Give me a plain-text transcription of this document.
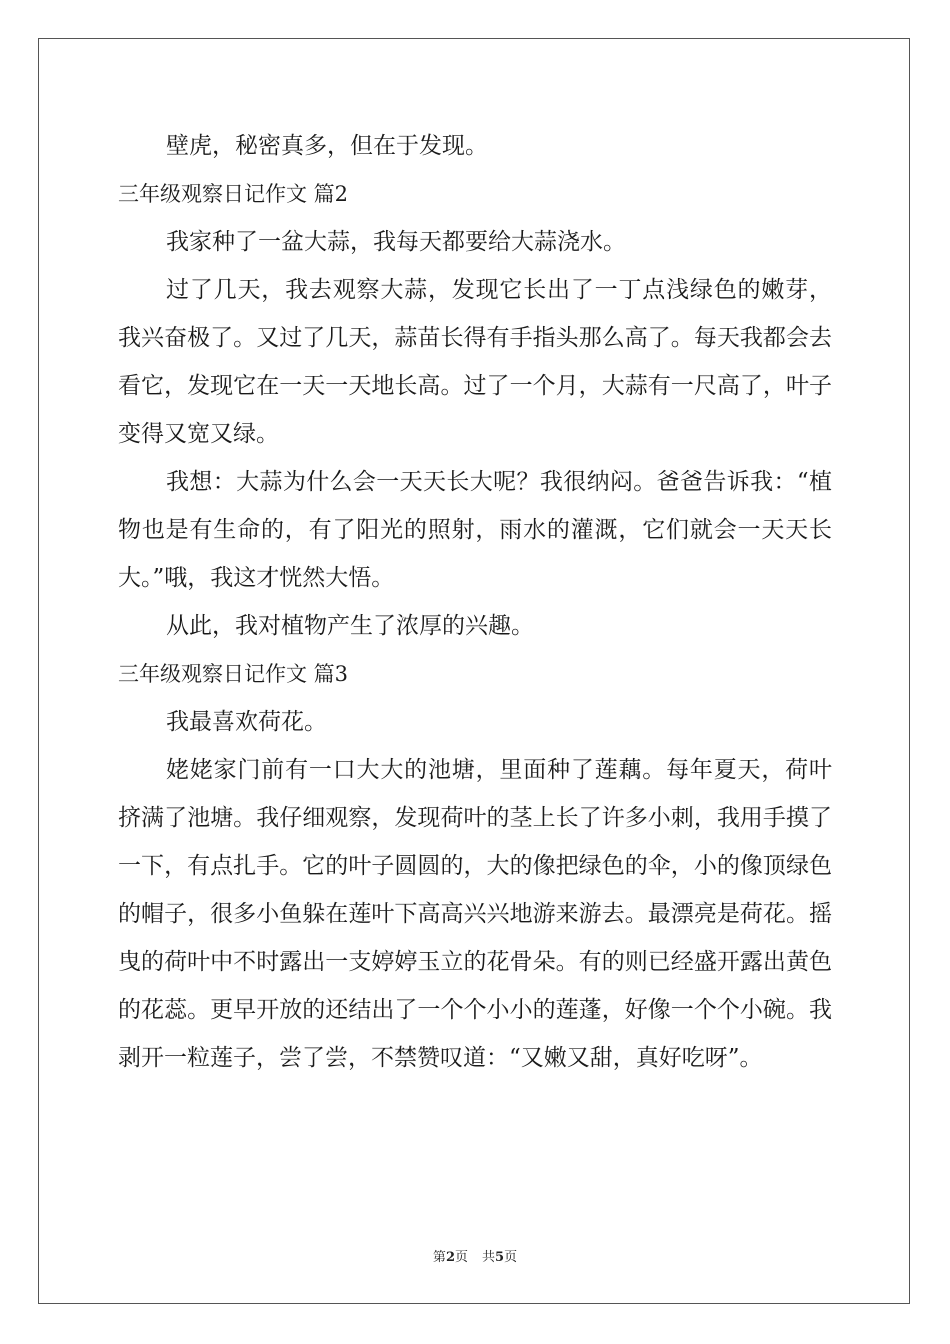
壁虎，秘密真多，但在于发现。

三年级观察日记作文 篇2

我家种了一盆大蒜，我每天都要给大蒜浇水。

过了几天，我去观察大蒜，发现它长出了一丁点浅绿色的嫩芽，我兴奋极了。又过了几天，蒜苗长得有手指头那么高了。每天我都会去看它，发现它在一天一天地长高。过了一个月，大蒜有一尺高了，叶子变得又宽又绿。

我想：大蒜为什么会一天天长大呢？我很纳闷。爸爸告诉我：“植物也是有生命的，有了阳光的照射，雨水的灌溉，它们就会一天天长大。”哦，我这才恍然大悟。

从此，我对植物产生了浓厚的兴趣。

三年级观察日记作文 篇3

我最喜欢荷花。

姥姥家门前有一口大大的池塘，里面种了莲藕。每年夏天，荷叶挤满了池塘。我仔细观察，发现荷叶的茎上长了许多小刺，我用手摸了一下，有点扎手。它的叶子圆圆的，大的像把绿色的伞，小的像顶绿色的帽子，很多小鱼躲在莲叶下高高兴兴地游来游去。最漂亮是荷花。摇曳的荷叶中不时露出一支婷婷玉立的花骨朵。有的则已经盛开露出黄色的花蕊。更早开放的还结出了一个个小小的莲蓬，好像一个个小碗。我剥开一粒莲子，尝了尝，不禁赞叹道：“又嫩又甜，真好吃呀”。

第2页 共5页
